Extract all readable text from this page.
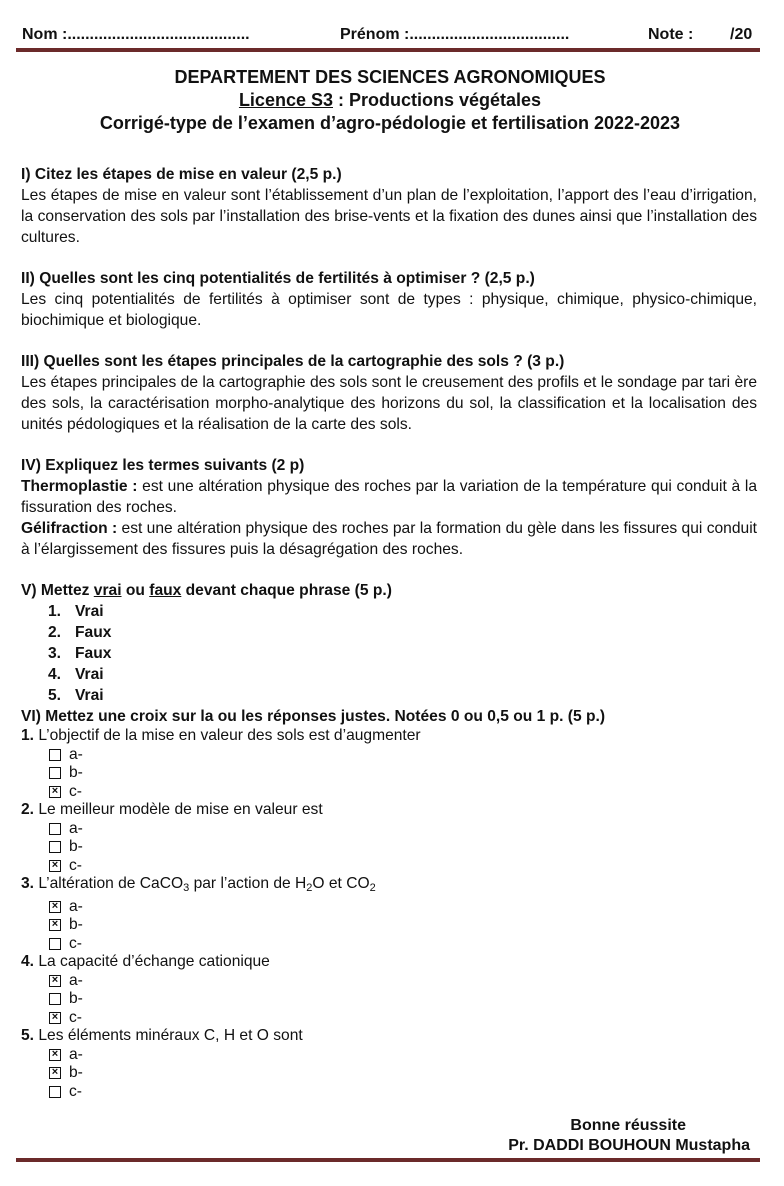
Nom :.........................................	Prénom :....................................	Note : /20
DEPARTEMENT DES SCIENCES AGRONOMIQUES
Licence S3 : Productions végétales
Corrigé-type de l’examen d’agro-pédologie et fertilisation 2022-2023
I) Citez les étapes de mise en valeur (2,5 p.)
Les étapes de mise en valeur sont l’établissement d’un plan de l’exploitation, l’apport des l’eau d’irrigation, la conservation des sols par l’installation des brise-vents et la fixation des dunes ainsi que l’installation des cultures.
II) Quelles sont les cinq potentialités de fertilités à optimiser ? (2,5 p.)
Les cinq potentialités de fertilités à optimiser sont de types : physique, chimique, physico-chimique, biochimique et biologique.
III) Quelles sont les étapes principales de la cartographie des sols ? (3 p.)
Les étapes principales de la cartographie des sols sont le creusement des profils et le sondage par tari ère des sols, la caractérisation morpho-analytique des horizons du sol, la classification et la localisation des unités pédologiques et la réalisation de la carte des sols.
IV) Expliquez les termes suivants (2 p)
Thermoplastie : est une altération physique des roches par la variation de la température qui conduit à la fissuration des roches.
Gélifraction : est une altération physique des roches par la formation du gèle dans les fissures qui conduit à l’élargissement des fissures puis la désagrégation des roches.
V) Mettez vrai ou faux devant chaque phrase (5 p.)
1. Vrai
2. Faux
3. Faux
4. Vrai
5. Vrai
VI) Mettez une croix sur la ou les réponses justes. Notées 0 ou 0,5 ou 1 p. (5 p.)
1. L’objectif de la mise en valeur des sols est d’augmenter
a-
b-
× c-
2. Le meilleur modèle de mise en valeur est
a-
b-
× c-
3. L’altération de CaCO$_3$ par l’action de $H_2O$ et $CO_2$
× a-
× b-
c-
4. La capacité d’échange cationique
× a-
b-
× c-
5. Les éléments minéraux C, H et O sont
× a-
× b-
c-
Bonne réussite
Pr. DADDI BOUHOUN Mustapha
